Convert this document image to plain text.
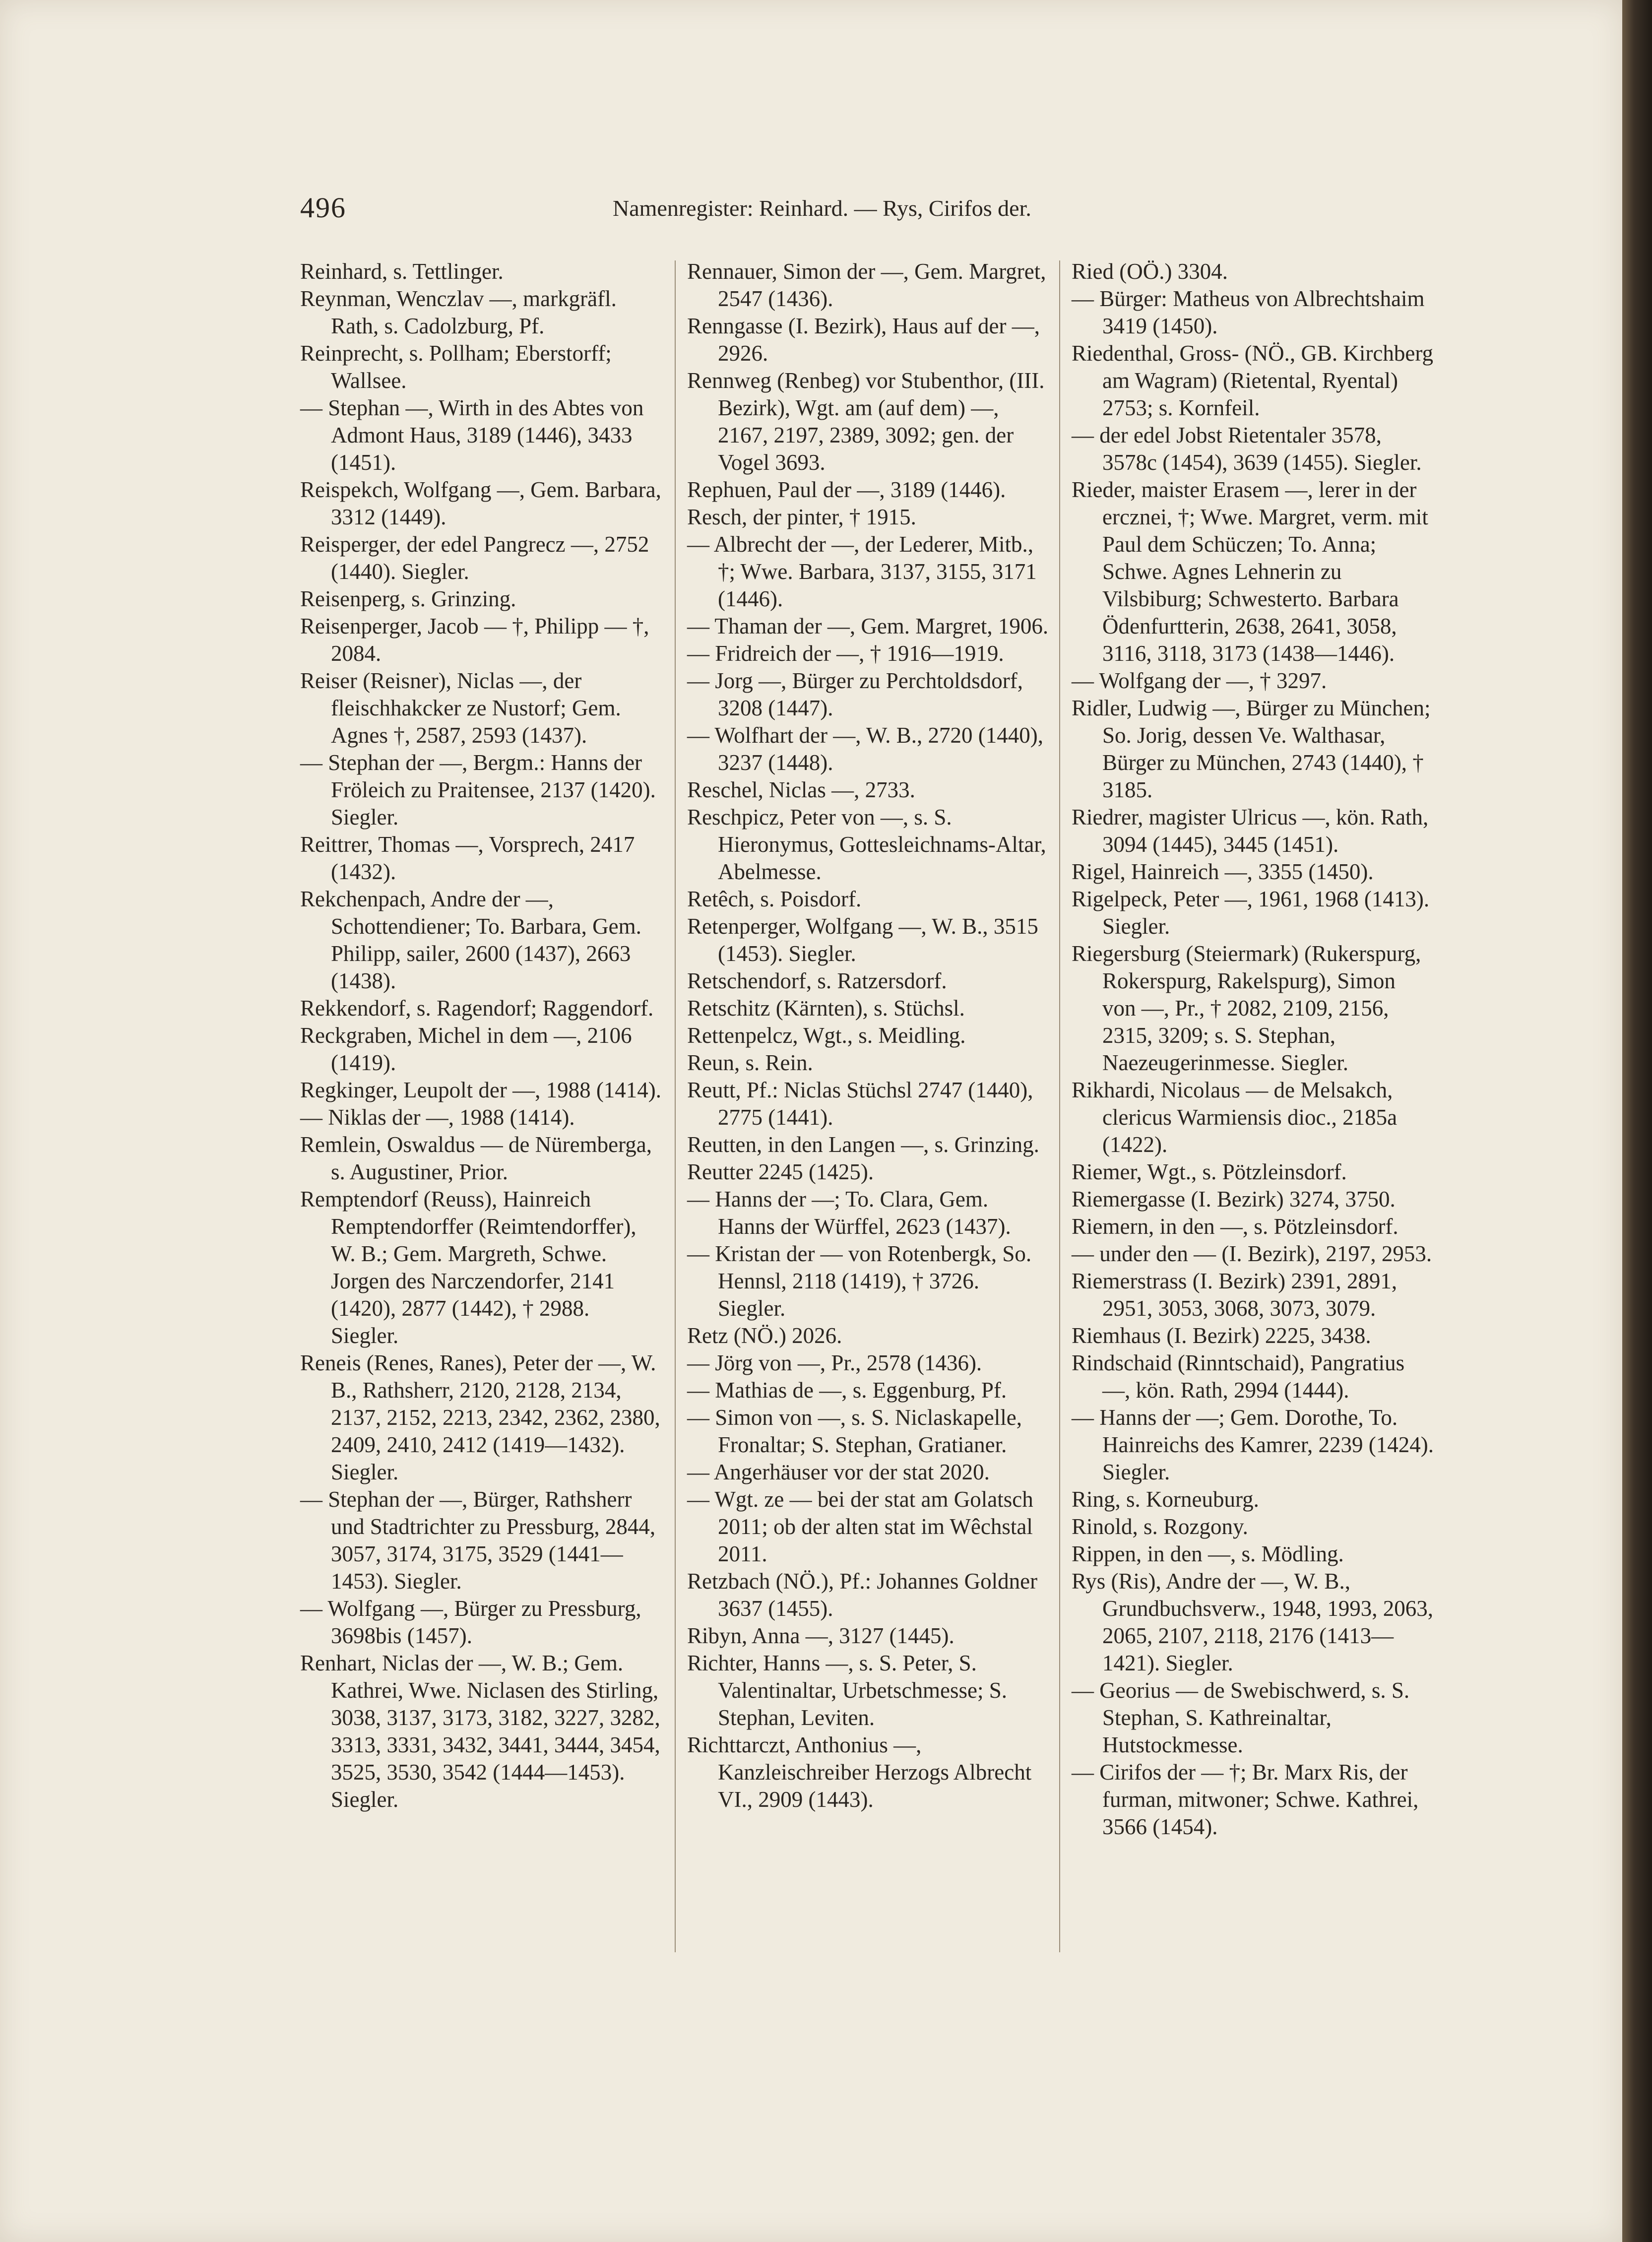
496	Namenregister: Reinhard. — Rys, Cirifos der.

Reinhard, s. Tettlinger.

Reynman, Wenczlav —, markgräfl. Rath, s. Cadolzburg, Pf.

Reinprecht, s. Pollham; Eberstorff; Wallsee.

— Stephan —, Wirth in des Abtes von Admont Haus, 3189 (1446), 3433 (1451).

Reispekch, Wolfgang —, Gem. Barbara, 3312 (1449).

Reisperger, der edel Pangrecz —, 2752 (1440). Siegler.

Reisenperg, s. Grinzing.

Reisenperger, Jacob — †, Philipp — †, 2084.

Reiser (Reisner), Niclas —, der fleischhakcker ze Nustorf; Gem. Agnes †, 2587, 2593 (1437).

— Stephan der —, Bergm.: Hanns der Fröleich zu Praitensee, 2137 (1420). Siegler.

Reittrer, Thomas —, Vorsprech, 2417 (1432).

Rekchenpach, Andre der —, Schottendiener; To. Barbara, Gem. Philipp, sailer, 2600 (1437), 2663 (1438).

Rekkendorf, s. Ragendorf; Raggendorf.

Reckgraben, Michel in dem —, 2106 (1419).

Regkinger, Leupolt der —, 1988 (1414).

— Niklas der —, 1988 (1414).

Remlein, Oswaldus — de Nürembergа, s. Augustiner, Prior.

Remptendorf (Reuss), Hainreich Remptendorffer (Reimtendorffer), W. B.; Gem. Margreth, Schwe. Jorgen des Narczendorfer, 2141 (1420), 2877 (1442), † 2988. Siegler.

Reneis (Renes, Ranes), Peter der —, W. B., Rathsherr, 2120, 2128, 2134, 2137, 2152, 2213, 2342, 2362, 2380, 2409, 2410, 2412 (1419—1432). Siegler.

— Stephan der —, Bürger, Rathsherr und Stadtrichter zu Pressburg, 2844, 3057, 3174, 3175, 3529 (1441—1453). Siegler.

— Wolfgang —, Bürger zu Pressburg, 3698bis (1457).

Renhart, Niclas der —, W. B.; Gem. Kathrei, Wwe. Niclasen des Stirling, 3038, 3137, 3173, 3182, 3227, 3282, 3313, 3331, 3432, 3441, 3444, 3454, 3525, 3530, 3542 (1444—1453). Siegler.

Rennauer, Simon der —, Gem. Margret, 2547 (1436).

Renngasse (I. Bezirk), Haus auf der —, 2926.

Rennweg (Renbeg) vor Stubenthor, (III. Bezirk), Wgt. am (auf dem) —, 2167, 2197, 2389, 3092; gen. der Vogel 3693.

Rephuen, Paul der —, 3189 (1446).

Resch, der pinter, † 1915.

— Albrecht der —, der Lederer, Mitb., †; Wwe. Barbara, 3137, 3155, 3171 (1446).

— Thaman der —, Gem. Margret, 1906.

— Fridreich der —, † 1916—1919.

— Jorg —, Bürger zu Perchtoldsdorf, 3208 (1447).

— Wolfhart der —, W. B., 2720 (1440), 3237 (1448).

Reschel, Niclas —, 2733.

Reschpicz, Peter von —, s. S. Hieronymus, Gottesleichnams-Altar, Abelmesse.

Retêch, s. Poisdorf.

Retenperger, Wolfgang —, W. B., 3515 (1453). Siegler.

Retschendorf, s. Ratzersdorf.

Retschitz (Kärnten), s. Stüchsl.

Rettenpelcz, Wgt., s. Meidling.

Reun, s. Rein.

Reutt, Pf.: Niclas Stüchsl 2747 (1440), 2775 (1441).

Reutten, in den Langen —, s. Grinzing.

Reutter 2245 (1425).

— Hanns der —; To. Clara, Gem. Hanns der Würffel, 2623 (1437).

— Kristan der — von Rotenbergk, So. Hennsl, 2118 (1419), † 3726. Siegler.

Retz (NÖ.) 2026.

— Jörg von —, Pr., 2578 (1436).

— Mathias de —, s. Eggenburg, Pf.

— Simon von —, s. S. Niclaskapelle, Fronaltar; S. Stephan, Gratianer.

— Angerhäuser vor der stat 2020.

— Wgt. ze — bei der stat am Golatsch 2011; ob der alten stat im Wêchstal 2011.

Retzbach (NÖ.), Pf.: Johannes Goldner 3637 (1455).

Ribyn, Anna —, 3127 (1445).

Richter, Hanns —, s. S. Peter, S. Valentinaltar, Urbetschmesse; S. Stephan, Leviten.

Richttarczt, Anthonius —, Kanzleischreiber Herzogs Albrecht VI., 2909 (1443).

Ried (OÖ.) 3304.

— Bürger: Matheus von Albrechtshaim 3419 (1450).

Riedenthal, Gross- (NÖ., GB. Kirchberg am Wagram) (Rietental, Ryental) 2753; s. Kornfeil.

— der edel Jobst Rietentaler 3578, 3578c (1454), 3639 (1455). Siegler.

Rieder, maister Erasem —, lerer in der ercznei, †; Wwe. Margret, verm. mit Paul dem Schüczen; To. Anna; Schwe. Agnes Lehnerin zu Vilsbiburg; Schwesterto. Barbara Ödenfurtterin, 2638, 2641, 3058, 3116, 3118, 3173 (1438—1446).

— Wolfgang der —, † 3297.

Ridler, Ludwig —, Bürger zu München; So. Jorig, dessen Ve. Walthasar, Bürger zu München, 2743 (1440), † 3185.

Riedrer, magister Ulricus —, kön. Rath, 3094 (1445), 3445 (1451).

Rigel, Hainreich —, 3355 (1450).

Rigelpeck, Peter —, 1961, 1968 (1413). Siegler.

Riegersburg (Steiermark) (Rukerspurg, Rokerspurg, Rakelspurg), Simon von —, Pr., † 2082, 2109, 2156, 2315, 3209; s. S. Stephan, Naezeugerinmesse. Siegler.

Rikhardi, Nicolaus — de Melsakch, clericus Warmiensis dioc., 2185a (1422).

Riemer, Wgt., s. Pötzleinsdorf.

Riemergasse (I. Bezirk) 3274, 3750.

Riemern, in den —, s. Pötzleinsdorf.

— under den — (I. Bezirk), 2197, 2953.

Riemerstrass (I. Bezirk) 2391, 2891, 2951, 3053, 3068, 3073, 3079.

Riemhaus (I. Bezirk) 2225, 3438.

Rindschaid (Rinntschaid), Pangratius —, kön. Rath, 2994 (1444).

— Hanns der —; Gem. Dorothe, To. Hainreichs des Kamrer, 2239 (1424). Siegler.

Ring, s. Korneuburg.

Rinold, s. Rozgony.

Rippen, in den —, s. Mödling.

Rys (Ris), Andre der —, W. B., Grundbuchsverw., 1948, 1993, 2063, 2065, 2107, 2118, 2176 (1413—1421). Siegler.

— Georius — de Swebischwerd, s. S. Stephan, S. Kathreinaltar, Hutstockmesse.

— Cirifos der — †; Br. Marx Ris, der furman, mitwoner; Schwe. Kathrei, 3566 (1454).
